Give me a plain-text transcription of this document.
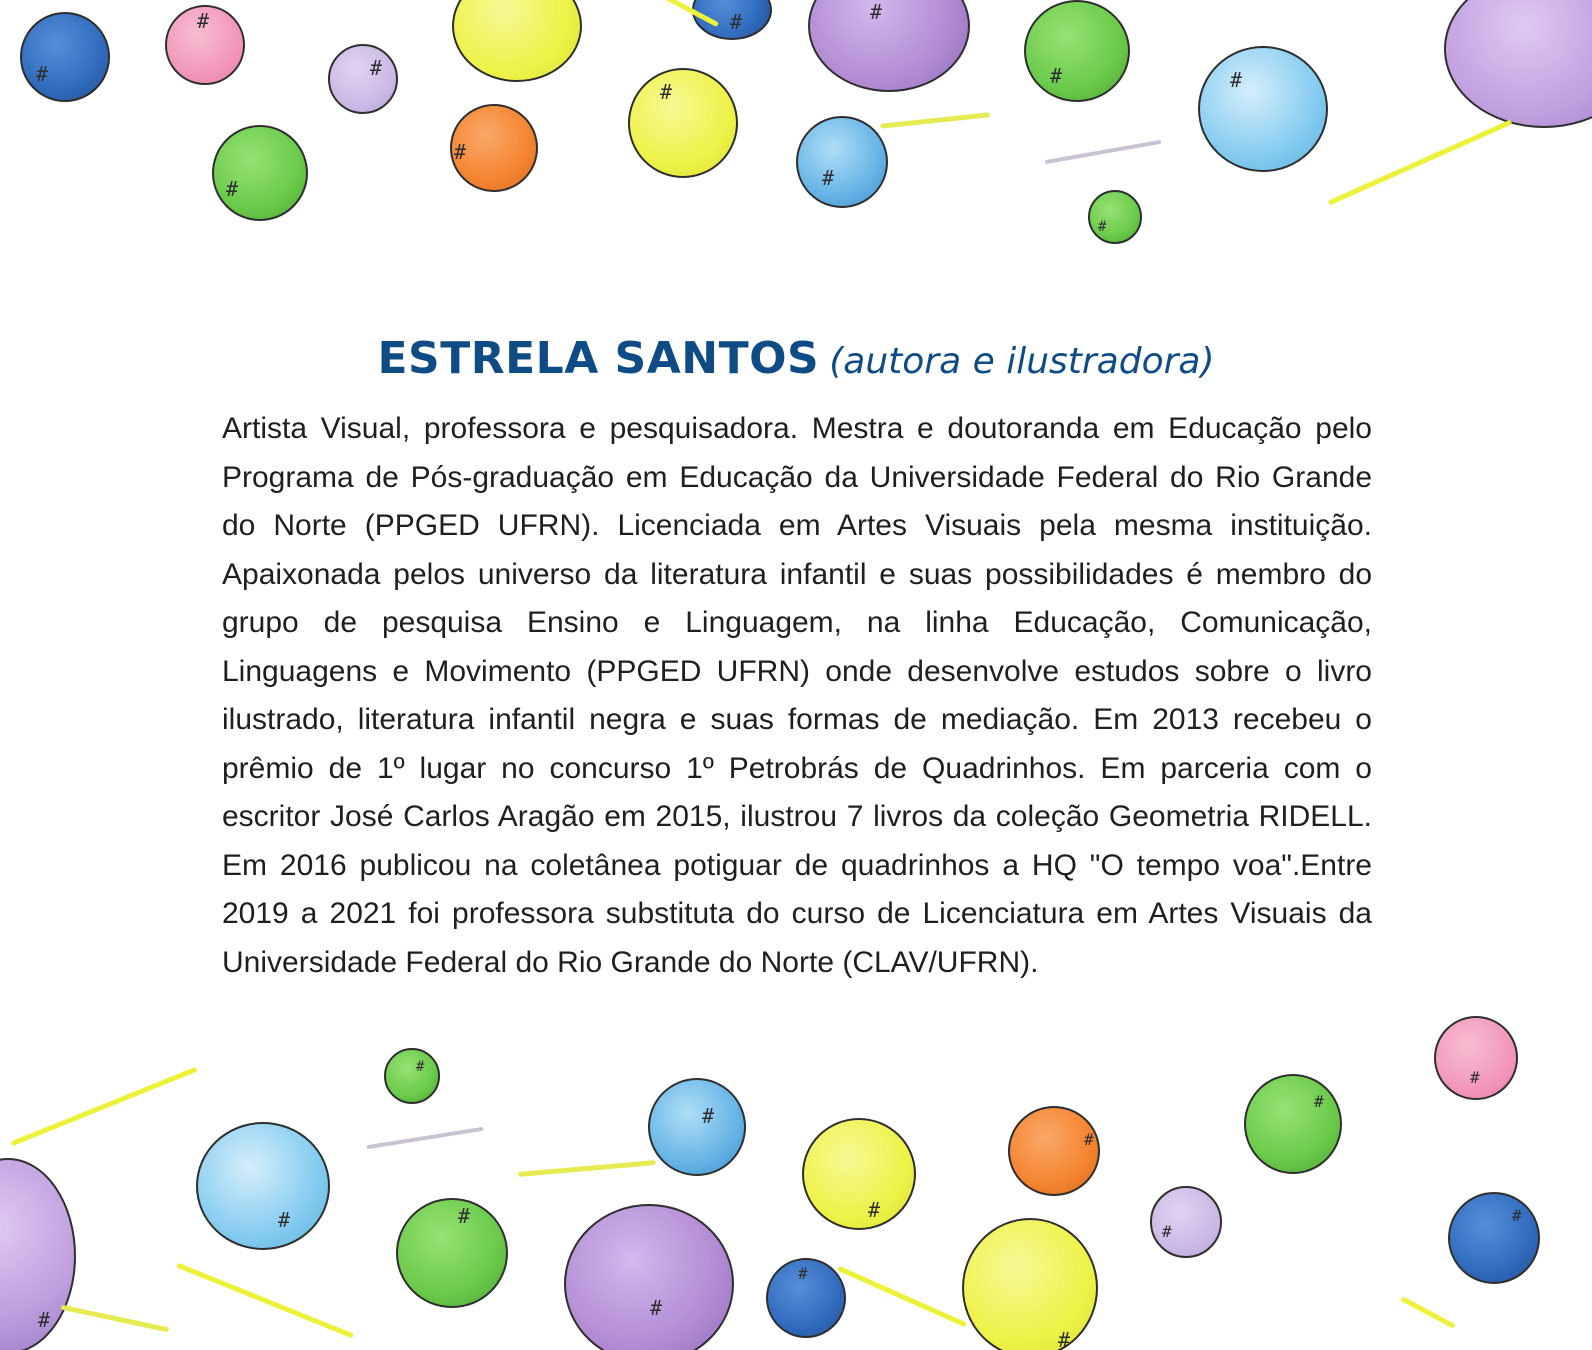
#
#
#
#
#
#
#
#
#
#
#
#
ESTRELA SANTOS (autora e ilustradora)

Artista Visual, professora e pesquisadora. Mestra e doutoranda em Educação pelo Programa de Pós-graduação em Educação da Universidade Federal do Rio Grande do Norte (PPGED UFRN). Licenciada em Artes Visuais pela mesma instituição. Apaixonada pelos universo da literatura infantil e suas possibilidades é membro do grupo de pesquisa Ensino e Linguagem, na linha Educação, Comunicação, Linguagens e Movimento (PPGED UFRN) onde desenvolve estudos sobre o livro ilustrado, literatura infantil negra e suas formas de mediação. Em 2013 recebeu o prêmio de 1º lugar no concurso 1º Petrobrás de Quadrinhos. Em parceria com o escritor José Carlos Aragão em 2015, ilustrou 7 livros da coleção Geometria RIDELL. Em 2016 publicou na coletânea potiguar de quadrinhos a HQ "O tempo voa".Entre 2019 a 2021 foi professora substituta do curso de Licenciatura em Artes Visuais da Universidade Federal do Rio Grande do Norte (CLAV/UFRN).

#
#
#
#
#
#
#
#
#
#
#
#
#
#
